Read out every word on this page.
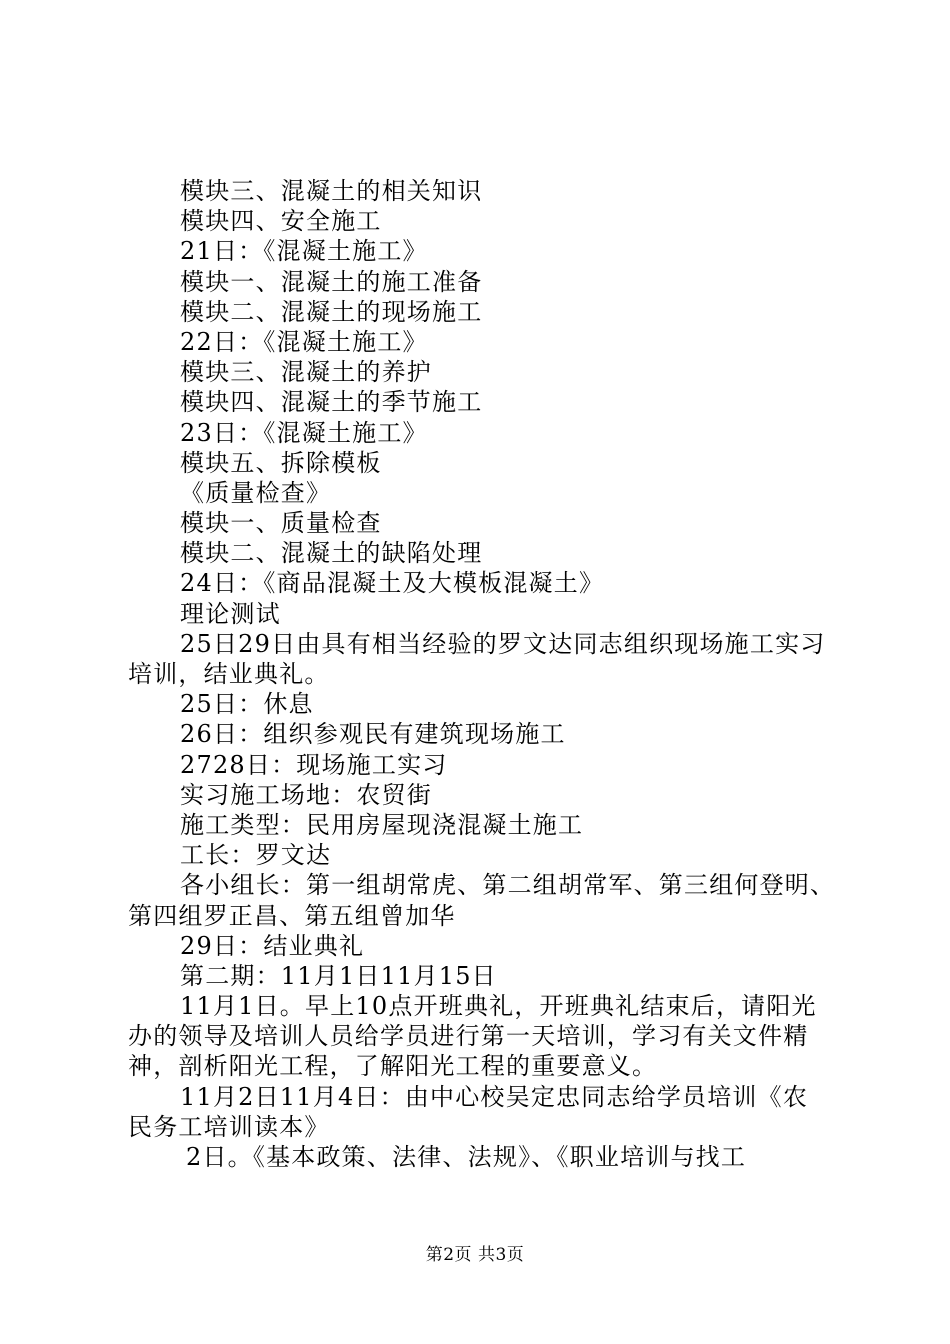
模块三、混凝土的相关知识
模块四、安全施工
21日：《混凝土施工》
模块一、混凝土的施工准备
模块二、混凝土的现场施工
22日：《混凝土施工》
模块三、混凝土的养护
模块四、混凝土的季节施工
23日：《混凝土施工》
模块五、拆除模板
《质量检查》
模块一、质量检查
模块二、混凝土的缺陷处理
24日：《商品混凝土及大模板混凝土》
理论测试
25日29日由具有相当经验的罗文达同志组织现场施工实习
培训，结业典礼。
25日：休息
26日：组织参观民有建筑现场施工
2728日：现场施工实习
实习施工场地：农贸街
施工类型：民用房屋现浇混凝土施工
工长：罗文达
各小组长：第一组胡常虎、第二组胡常军、第三组何登明、
第四组罗正昌、第五组曾加华
29日：结业典礼
第二期：11月1日11月15日
11月1日。早上10点开班典礼，开班典礼结束后，请阳光
办的领导及培训人员给学员进行第一天培训，学习有关文件精
神，剖析阳光工程，了解阳光工程的重要意义。
11月2日11月4日：由中心校吴定忠同志给学员培训《农
民务工培训读本》
2日。《基本政策、法律、法规》、《职业培训与找工
第2页 共3页
